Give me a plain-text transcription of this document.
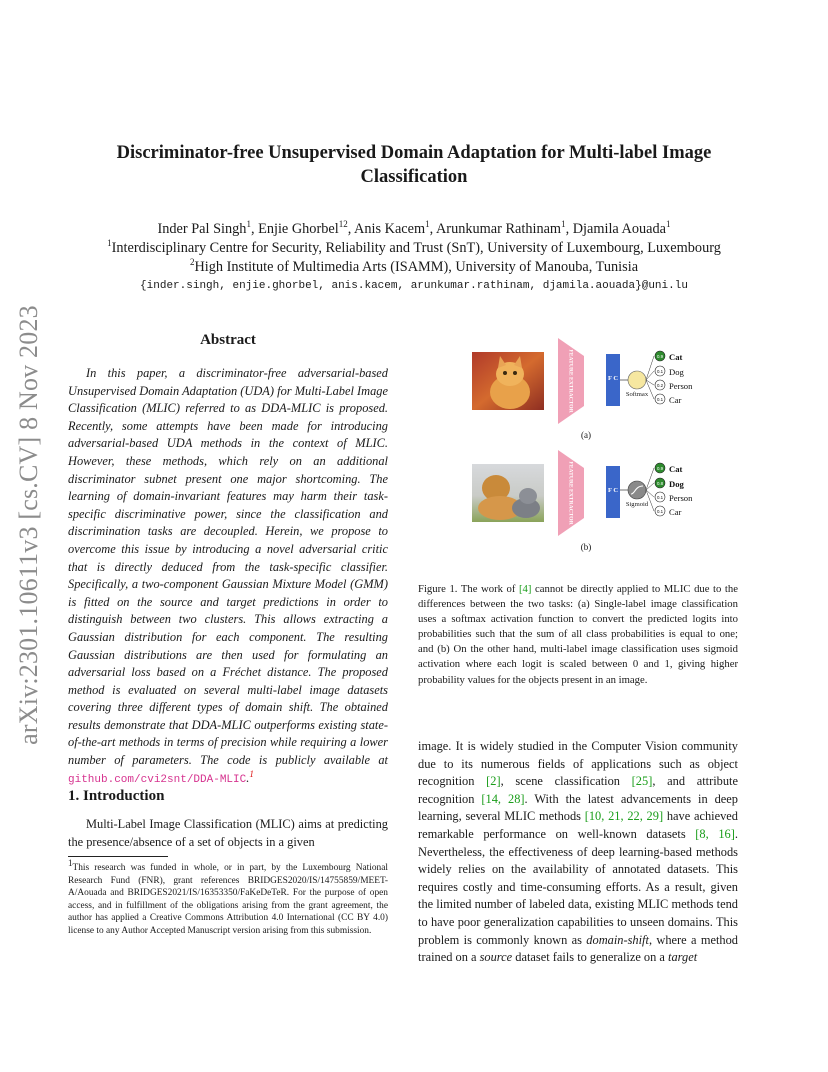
arXiv:2301.10611v3 [cs.CV] 8 Nov 2023
Discriminator-free Unsupervised Domain Adaptation for Multi-label Image Classification
Inder Pal Singh$^1$, Enjie Ghorbel$^{12}$, Anis Kacem$^1$, Arunkumar Rathinam$^1$, Djamila Aouada$^1$
$^1$Interdisciplinary Centre for Security, Reliability and Trust (SnT), University of Luxembourg, Luxembourg
$^2$High Institute of Multimedia Arts (ISAMM), University of Manouba, Tunisia
{inder.singh, enjie.ghorbel, anis.kacem, arunkumar.rathinam, djamila.aouada}@uni.lu
Abstract
In this paper, a discriminator-free adversarial-based Unsupervised Domain Adaptation (UDA) for Multi-Label Image Classification (MLIC) referred to as DDA-MLIC is proposed. Recently, some attempts have been made for introducing adversarial-based UDA methods in the context of MLIC. However, these methods, which rely on an additional discriminator subnet present one major shortcoming. The learning of domain-invariant features may harm their task-specific discriminative power, since the classification and discrimination tasks are decoupled. Herein, we propose to overcome this issue by introducing a novel adversarial critic that is directly deduced from the task-specific classifier. Specifically, a two-component Gaussian Mixture Model (GMM) is fitted on the source and target predictions in order to distinguish between two clusters. This allows extracting a Gaussian distribution for each component. The resulting Gaussian distributions are then used for formulating an adversarial loss based on a Fréchet distance. The proposed method is evaluated on several multi-label image datasets covering three different types of domain shift. The obtained results demonstrate that DDA-MLIC outperforms existing state-of-the-art methods in terms of precision while requiring a lower number of parameters. The code is publicly available at github.com/cvi2snt/DDA-MLIC.$^1$
1. Introduction
Multi-Label Image Classification (MLIC) aims at predicting the presence/absence of a set of objects in a given
$^1$This research was funded in whole, or in part, by the Luxembourg National Research Fund (FNR), grant references BRIDGES2020/IS/14755859/MEET-A/Aouada and BRIDGES2021/IS/16353350/FaKeDeTeR. For the purpose of open access, and in fulfillment of the obligations arising from the grant agreement, the author has applied a Creative Commons Attribution 4.0 International (CC BY 4.0) license to any Author Accepted Manuscript version arising from this submission.
FEATURE EXTRACTOR	F C
Softmax
0.9 Cat
0.1 Dog
0.2 Person
0.1 Car
(a)
FEATURE EXTRACTOR	F C
Sigmoid
0.9 Cat
0.8 Dog
0.1 Person
0.1 Car
(b)
Figure 1. The work of [4] cannot be directly applied to MLIC due to the differences between the two tasks: (a) Single-label image classification uses a softmax activation function to convert the predicted logits into probabilities such that the sum of all class probabilities is equal to one; and (b) On the other hand, multi-label image classification uses sigmoid activation where each logit is scaled between 0 and 1, giving higher probability values for the objects present in an image.
image. It is widely studied in the Computer Vision community due to its numerous fields of applications such as object recognition [2], scene classification [25], and attribute recognition [14, 28]. With the latest advancements in deep learning, several MLIC methods [10, 21, 22, 29] have achieved remarkable performance on well-known datasets [8, 16]. Nevertheless, the effectiveness of deep learning-based methods widely relies on the availability of annotated datasets. This requires costly and time-consuming efforts. As a result, given the limited number of labeled data, existing MLIC methods tend to have poor generalization capabilities to unseen domains. This problem is commonly known as domain-shift, where a method trained on a source dataset fails to generalize on a target
